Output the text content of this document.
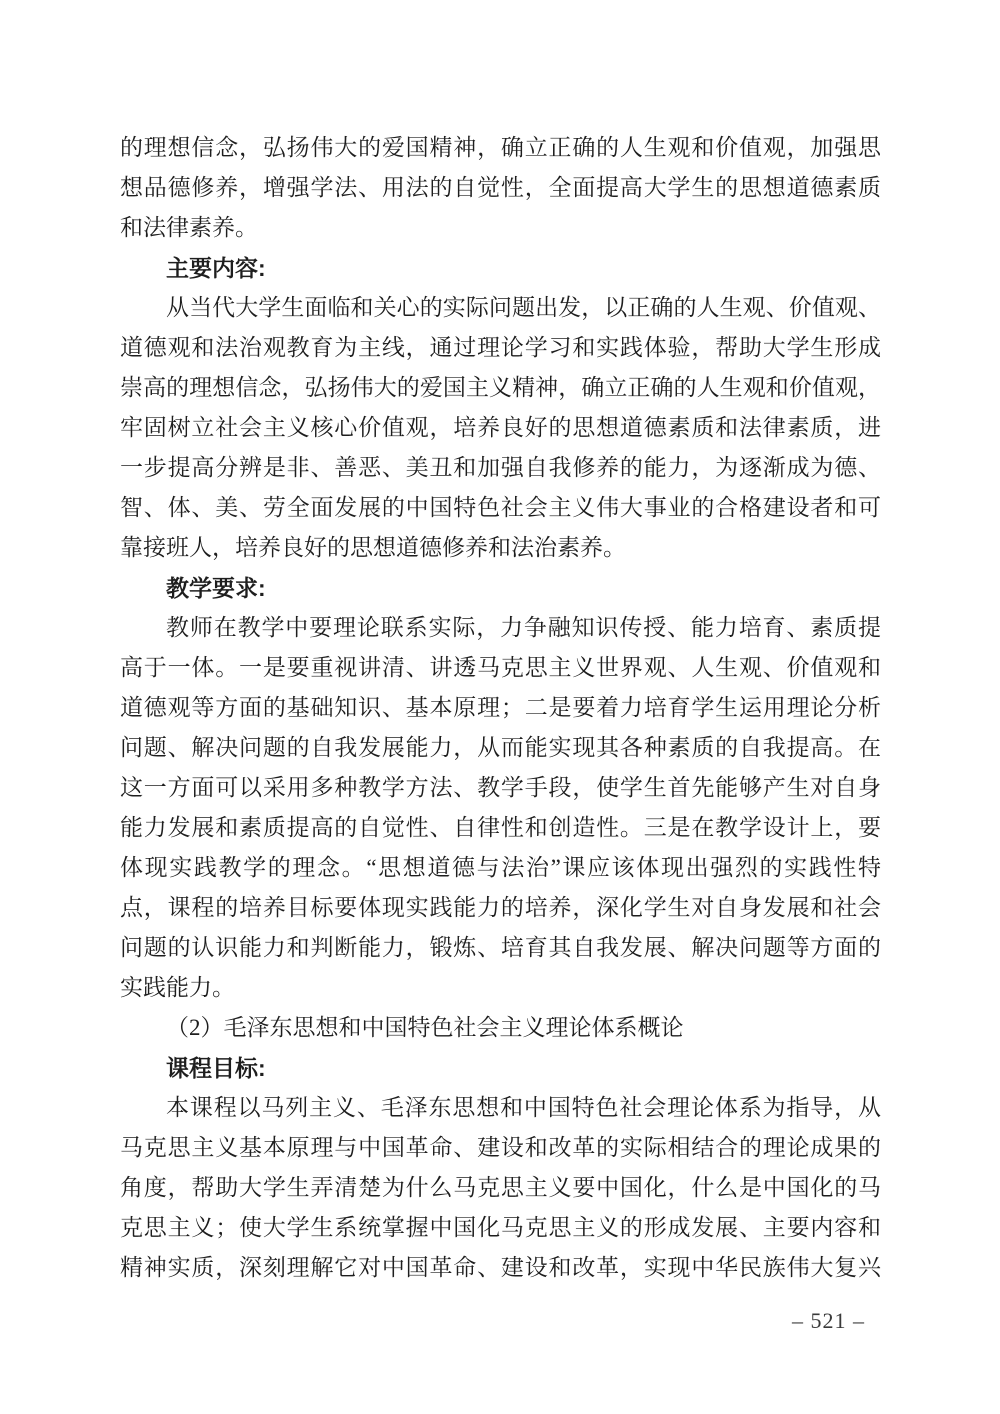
的理想信念，弘扬伟大的爱国精神，确立正确的人生观和价值观，加强思
想品德修养，增强学法、用法的自觉性，全面提高大学生的思想道德素质
和法律素养。
主要内容:
从当代大学生面临和关心的实际问题出发，以正确的人生观、价值观、
道德观和法治观教育为主线，通过理论学习和实践体验，帮助大学生形成
崇高的理想信念，弘扬伟大的爱国主义精神，确立正确的人生观和价值观，
牢固树立社会主义核心价值观，培养良好的思想道德素质和法律素质，进
一步提高分辨是非、善恶、美丑和加强自我修养的能力，为逐渐成为德、
智、体、美、劳全面发展的中国特色社会主义伟大事业的合格建设者和可
靠接班人，培养良好的思想道德修养和法治素养。
教学要求:
教师在教学中要理论联系实际，力争融知识传授、能力培育、素质提
高于一体。一是要重视讲清、讲透马克思主义世界观、人生观、价值观和
道德观等方面的基础知识、基本原理；二是要着力培育学生运用理论分析
问题、解决问题的自我发展能力，从而能实现其各种素质的自我提高。在
这一方面可以采用多种教学方法、教学手段，使学生首先能够产生对自身
能力发展和素质提高的自觉性、自律性和创造性。三是在教学设计上，要
体现实践教学的理念。“思想道德与法治”课应该体现出强烈的实践性特
点，课程的培养目标要体现实践能力的培养，深化学生对自身发展和社会
问题的认识能力和判断能力，锻炼、培育其自我发展、解决问题等方面的
实践能力。
（2）毛泽东思想和中国特色社会主义理论体系概论
课程目标:
本课程以马列主义、毛泽东思想和中国特色社会理论体系为指导，从
马克思主义基本原理与中国革命、建设和改革的实际相结合的理论成果的
角度，帮助大学生弄清楚为什么马克思主义要中国化，什么是中国化的马
克思主义；使大学生系统掌握中国化马克思主义的形成发展、主要内容和
精神实质，深刻理解它对中国革命、建设和改革，实现中华民族伟大复兴
– 521 –
